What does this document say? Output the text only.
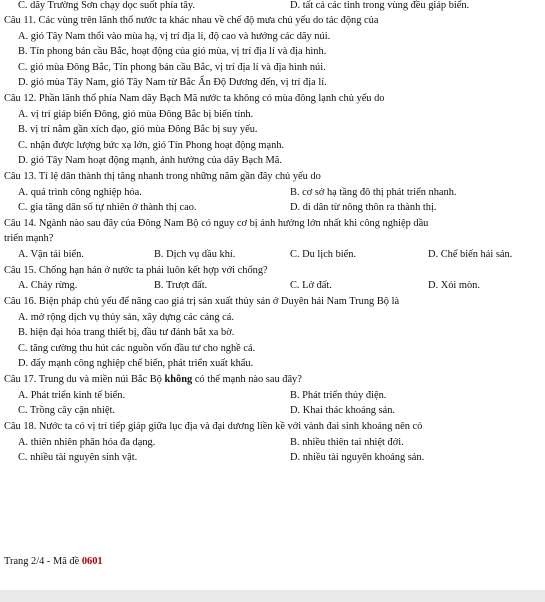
C. dãy Trường Sơn chạy dọc suốt phía tây.	D. tất cả các tỉnh trong vùng đều giáp biển.
Câu 11. Các vùng trên lãnh thổ nước ta khác nhau về chế độ mưa chủ yếu do tác động của
A. gió Tây Nam thổi vào mùa hạ, vị trí địa lí, độ cao và hướng các dãy núi.
B. Tín phong bán cầu Bắc, hoạt động của gió mùa, vị trí địa lí và địa hình.
C. gió mùa Đông Bắc, Tín phong bán cầu Bắc, vị trí địa lí và địa hình núi.
D. gió mùa Tây Nam, gió Tây Nam từ Bắc Ấn Độ Dương đến, vị trí địa lí.
Câu 12. Phần lãnh thổ phía Nam dãy Bạch Mã nước ta không có mùa đông lạnh chủ yếu do
A. vị trí giáp biển Đông, gió mùa Đông Bắc bị biến tính.
B. vị trí nằm gần xích đạo, gió mùa Đông Bắc bị suy yếu.
C. nhận được lượng bức xạ lớn, gió Tín Phong hoạt động mạnh.
D. gió Tây Nam hoạt động mạnh, ảnh hưởng của dãy Bạch Mã.
Câu 13. Tỉ lệ dân thành thị tăng nhanh trong những năm gần đây chủ yếu do
A. quá trình công nghiệp hóa.	B. cơ sở hạ tầng đô thị phát triển nhanh.
C. gia tăng dân số tự nhiên ở thành thị cao.	D. di dân từ nông thôn ra thành thị.
Câu 14. Ngành nào sau đây của Đông Nam Bộ có nguy cơ bị ảnh hưởng lớn nhất khi công nghiệp dầu
triển mạnh?
A. Vận tải biển.	B. Dịch vụ dầu khí.	C. Du lịch biển.	D. Chế biến hải sản.
Câu 15. Chống hạn hán ở nước ta phải luôn kết hợp với chống?
A. Cháy rừng.	B. Trượt đất.	C. Lở đất.	D. Xói mòn.
Câu 16. Biện pháp chủ yếu để nâng cao giá trị sản xuất thủy sản ở Duyên hải Nam Trung Bộ là
A. mở rộng dịch vụ thủy sản, xây dựng các cảng cá.
B. hiện đại hóa trang thiết bị, đầu tư đánh bắt xa bờ.
C. tăng cường thu hút các nguồn vốn đầu tư cho nghề cá.
D. đẩy mạnh công nghiệp chế biến, phát triển xuất khẩu.
Câu 17. Trung du và miền núi Bắc Bộ không có thế mạnh nào sau đây?
A. Phát triển kinh tế biển.	B. Phát triển thủy điện.
C. Trồng cây cận nhiệt.	D. Khai thác khoáng sản.
Câu 18. Nước ta có vị trí tiếp giáp giữa lục địa và đại dương liền kề với vành đai sinh khoáng nên có
A. thiên nhiên phân hóa đa dạng.	B. nhiều thiên tai nhiệt đới.
C. nhiều tài nguyên sinh vật.	D. nhiều tài nguyên khoáng sản.
Trang 2/4 - Mã đề 0601
